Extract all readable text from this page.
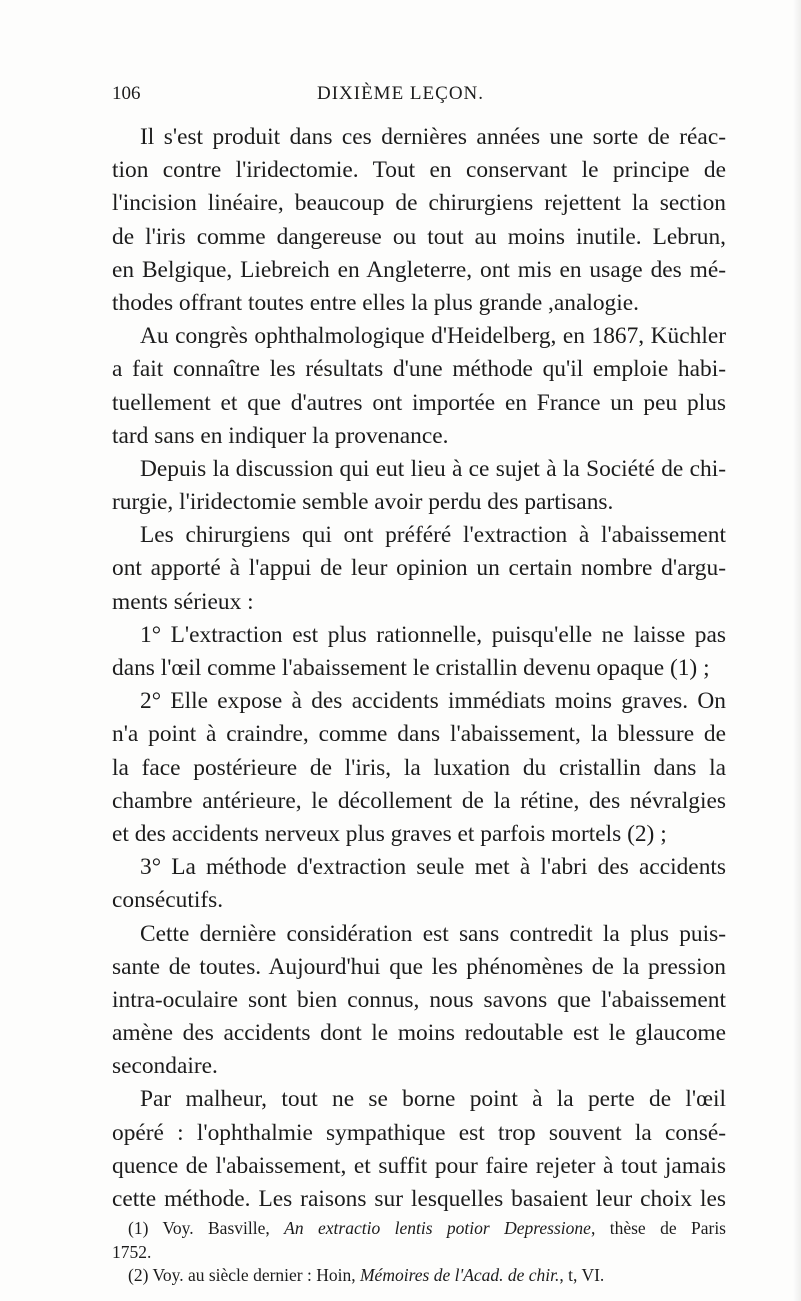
106	DIXIÈME LEÇON.
Il s'est produit dans ces dernières années une sorte de réac-
tion contre l'iridectomie. Tout en conservant le principe de
l'incision linéaire, beaucoup de chirurgiens rejettent la section
de l'iris comme dangereuse ou tout au moins inutile. Lebrun,
en Belgique, Liebreich en Angleterre, ont mis en usage des mé-
thodes offrant toutes entre elles la plus grande ,analogie.
Au congrès ophthalmologique d'Heidelberg, en 1867, Küchler
a fait connaître les résultats d'une méthode qu'il emploie habi-
tuellement et que d'autres ont importée en France un peu plus
tard sans en indiquer la provenance.
Depuis la discussion qui eut lieu à ce sujet à la Société de chi-
rurgie, l'iridectomie semble avoir perdu des partisans.
Les chirurgiens qui ont préféré l'extraction à l'abaissement
ont apporté à l'appui de leur opinion un certain nombre d'argu-
ments sérieux :
1° L'extraction est plus rationnelle, puisqu'elle ne laisse pas
dans l'œil comme l'abaissement le cristallin devenu opaque (1) ;
2° Elle expose à des accidents immédiats moins graves. On
n'a point à craindre, comme dans l'abaissement, la blessure de
la face postérieure de l'iris, la luxation du cristallin dans la
chambre antérieure, le décollement de la rétine, des névralgies
et des accidents nerveux plus graves et parfois mortels (2) ;
3° La méthode d'extraction seule met à l'abri des accidents
consécutifs.
Cette dernière considération est sans contredit la plus puis-
sante de toutes. Aujourd'hui que les phénomènes de la pression
intra-oculaire sont bien connus, nous savons que l'abaissement
amène des accidents dont le moins redoutable est le glaucome
secondaire.
Par malheur, tout ne se borne point à la perte de l'œil
opéré : l'ophthalmie sympathique est trop souvent la consé-
quence de l'abaissement, et suffit pour faire rejeter à tout jamais
cette méthode. Les raisons sur lesquelles basaient leur choix les
(1) Voy. Basville, An extractio lentis potior Depressione, thèse de Paris
1752.
(2) Voy. au siècle dernier : Hoin, Mémoires de l'Acad. de chir., t, VI.
